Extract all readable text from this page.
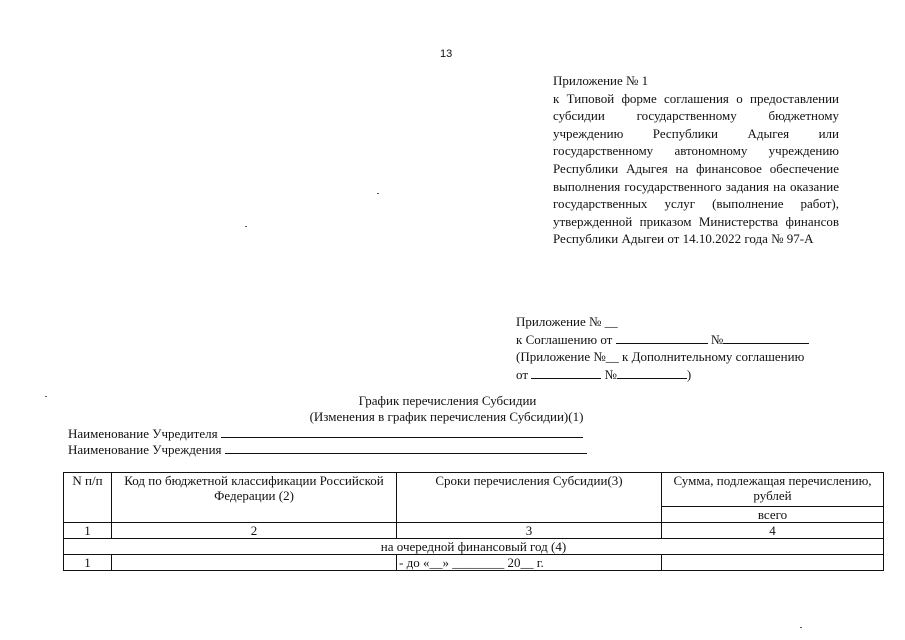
13
Приложение № 1
к Типовой форме соглашения о предоставлении субсидии государственному бюджетному учреждению Республики Адыгея или государственному автономному учреждению Республики Адыгея на финансовое обеспечение выполнения государственного задания на оказание государственных услуг (выполнение работ), утвержденной приказом Министерства финансов Республики Адыгеи от 14.10.2022 года № 97-А
Приложение № __
к Соглашению от	№
(Приложение №__ к Дополнительному соглашению
от	№	)
График перечисления Субсидии
(Изменения в график перечисления Субсидии)(1)
Наименование Учредителя
Наименование Учреждения
N п/п	Код по бюджетной классификации Российской Федерации (2)	Сроки перечисления Субсидии(3)	Сумма, подлежащая перечислению, рублей
			всего
1	2	3	4
на очередной финансовый год (4)			
1		- до «__» ________ 20__ г.	
